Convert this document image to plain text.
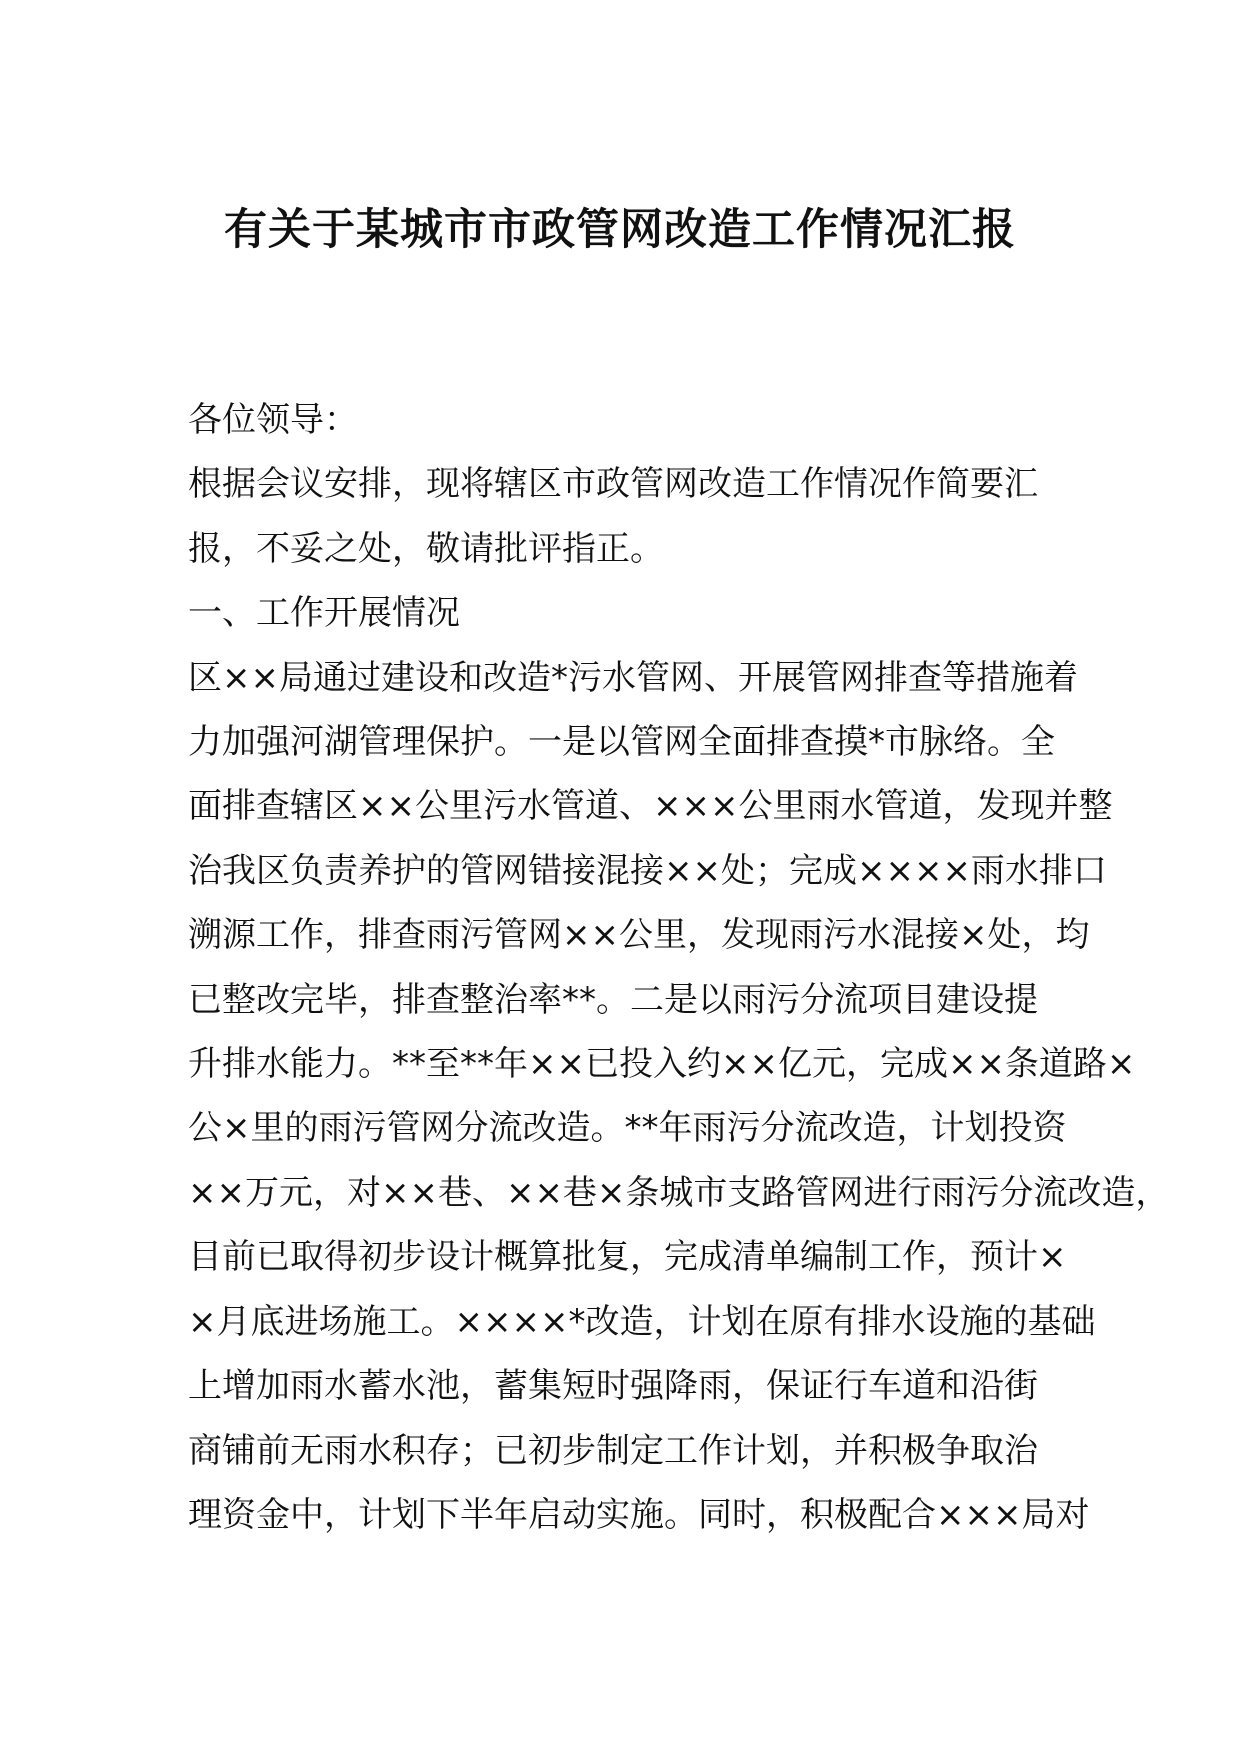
有关于某城市市政管网改造工作情况汇报

各位领导：

根据会议安排，现将辖区市政管网改造工作情况作简要汇
报，不妥之处，敬请批评指正。

一、工作开展情况

区××局通过建设和改造*污水管网、开展管网排查等措施着
力加强河湖管理保护。一是以管网全面排查摸*市脉络。全
面排查辖区××公里污水管道、×××公里雨水管道，发现并整
治我区负责养护的管网错接混接××处；完成××××雨水排口
溯源工作，排查雨污管网××公里，发现雨污水混接×处，均
已整改完毕，排查整治率**。二是以雨污分流项目建设提
升排水能力。**至**年××已投入约××亿元，完成××条道路×
公×里的雨污管网分流改造。**年雨污分流改造，计划投资
××万元，对××巷、××巷×条城市支路管网进行雨污分流改造，
目前已取得初步设计概算批复，完成清单编制工作，预计×
×月底进场施工。××××*改造，计划在原有排水设施的基础
上增加雨水蓄水池，蓄集短时强降雨，保证行车道和沿街
商铺前无雨水积存；已初步制定工作计划，并积极争取治
理资金中，计划下半年启动实施。同时，积极配合×××局对
